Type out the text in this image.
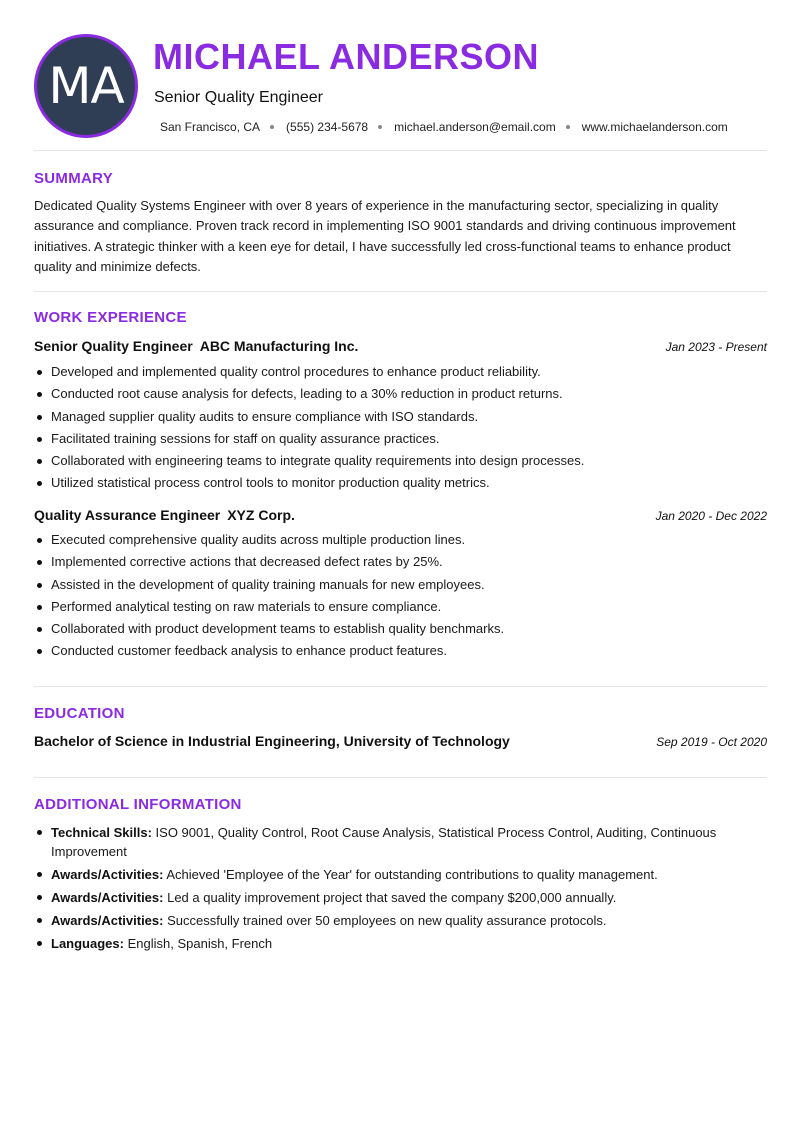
MA
MICHAEL ANDERSON
Senior Quality Engineer
San Francisco, CA (555) 234-5678 michael.anderson@email.com www.michaelanderson.com
SUMMARY
Dedicated Quality Systems Engineer with over 8 years of experience in the manufacturing sector, specializing in quality assurance and compliance. Proven track record in implementing ISO 9001 standards and driving continuous improvement initiatives. A strategic thinker with a keen eye for detail, I have successfully led cross-functional teams to enhance product quality and minimize defects.
WORK EXPERIENCE
Senior Quality Engineer ABC Manufacturing Inc.	Jan 2023 - Present
Developed and implemented quality control procedures to enhance product reliability.
Conducted root cause analysis for defects, leading to a 30% reduction in product returns.
Managed supplier quality audits to ensure compliance with ISO standards.
Facilitated training sessions for staff on quality assurance practices.
Collaborated with engineering teams to integrate quality requirements into design processes.
Utilized statistical process control tools to monitor production quality metrics.
Quality Assurance Engineer XYZ Corp.	Jan 2020 - Dec 2022
Executed comprehensive quality audits across multiple production lines.
Implemented corrective actions that decreased defect rates by 25%.
Assisted in the development of quality training manuals for new employees.
Performed analytical testing on raw materials to ensure compliance.
Collaborated with product development teams to establish quality benchmarks.
Conducted customer feedback analysis to enhance product features.
EDUCATION
Bachelor of Science in Industrial Engineering, University of Technology	Sep 2019 - Oct 2020
ADDITIONAL INFORMATION
Technical Skills: ISO 9001, Quality Control, Root Cause Analysis, Statistical Process Control, Auditing, Continuous Improvement
Awards/Activities: Achieved 'Employee of the Year' for outstanding contributions to quality management.
Awards/Activities: Led a quality improvement project that saved the company $200,000 annually.
Awards/Activities: Successfully trained over 50 employees on new quality assurance protocols.
Languages: English, Spanish, French
